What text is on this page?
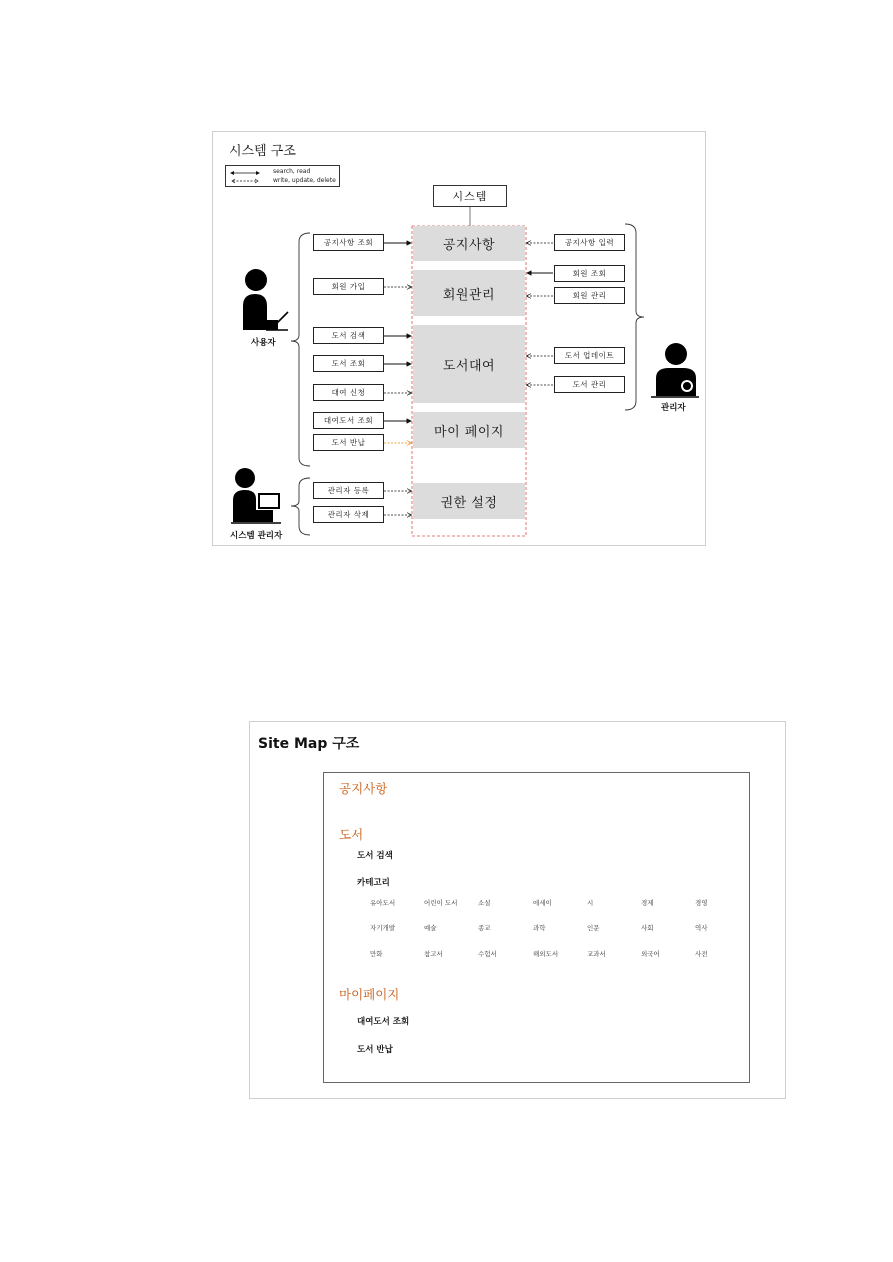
시스템 구조
search, read
write, update, delete
시스템
공지사항
회원관리
도서대여
마이 페이지
권한 설정
공지사항 조회
회원 가입
도서 검색
도서 조회
대여 신청
대여도서 조회
도서 반납
관리자 등록
관리자 삭제
공지사항 입력
회원 조회
회원 관리
도서 업데이트
도서 관리
사용자
관리자
시스템 관리자
Site Map 구조
공지사항
도서
도서 검색
카테고리
유아도서	어린이 도서	소설	에세이	시	경제	경영
자기개발	예술	종교	과학	인문	사회	역사
만화	참고서	수험서	해외도서	교과서	외국어	사전
마이페이지
대여도서 조회
도서 반납
